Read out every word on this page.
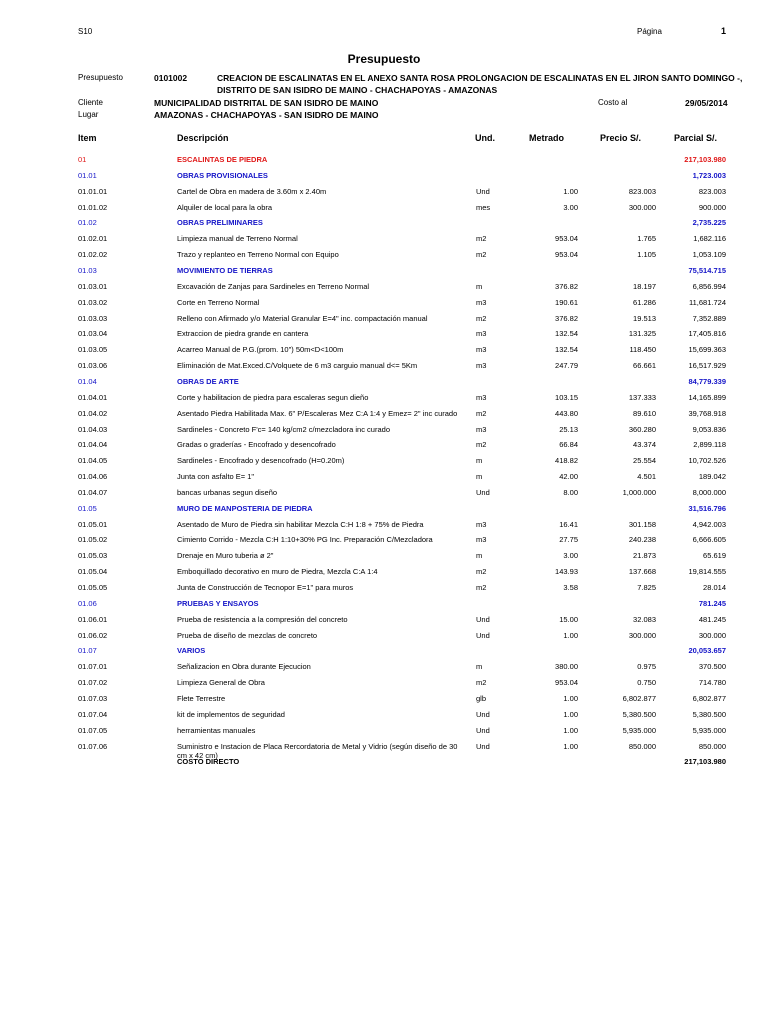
S10	Página	1
Presupuesto
Presupuesto	0101002	CREACION DE ESCALINATAS EN EL ANEXO SANTA ROSA PROLONGACION DE ESCALINATAS EN EL JIRON SANTO DOMINGO -,
DISTRITO DE SAN ISIDRO DE MAINO - CHACHAPOYAS - AMAZONAS
Cliente	MUNICIPALIDAD DISTRITAL DE SAN ISIDRO DE MAINO	Costo al	29/05/2014
Lugar	AMAZONAS - CHACHAPOYAS - SAN ISIDRO DE MAINO
Item	Descripción	Und.	Metrado	Precio S/.	Parcial S/.
01	ESCALINTAS DE PIEDRA	217,103.980
01.01	OBRAS PROVISIONALES	1,723.003
01.01.01	Cartel de Obra en madera de 3.60m x 2.40m	Und	1.00	823.003	823.003
01.01.02	Alquiler de local para la obra	mes	3.00	300.000	900.000
01.02	OBRAS PRELIMINARES	2,735.225
01.02.01	Limpieza manual de Terreno Normal	m2	953.04	1.765	1,682.116
01.02.02	Trazo y replanteo en Terreno Normal con Equipo	m2	953.04	1.105	1,053.109
01.03	MOVIMIENTO DE TIERRAS	75,514.715
01.03.01	Excavación de Zanjas para Sardineles en Terreno Normal	m	376.82	18.197	6,856.994
01.03.02	Corte en Terreno Normal	m3	190.61	61.286	11,681.724
01.03.03	Relleno con Afirmado y/o Material Granular E=4" inc. compactación manual	m2	376.82	19.513	7,352.889
01.03.04	Extraccion de piedra grande en cantera	m3	132.54	131.325	17,405.816
01.03.05	Acarreo Manual de P.G.(prom. 10") 50m<D<100m	m3	132.54	118.450	15,699.363
01.03.06	Eliminación de Mat.Exced.C/Volquete de 6 m3 carguio manual d<= 5Km	m3	247.79	66.661	16,517.929
01.04	OBRAS DE ARTE	84,779.339
01.04.01	Corte y habilitacion de piedra para escaleras segun dieño	m3	103.15	137.333	14,165.899
01.04.02	Asentado Piedra Habilitada Max. 6" P/Escaleras Mez C:A 1:4 y Emez= 2" inc curado	m2	443.80	89.610	39,768.918
01.04.03	Sardineles - Concreto F'c= 140 kg/cm2 c/mezcladora inc curado	m3	25.13	360.280	9,053.836
01.04.04	Gradas o graderías - Encofrado y desencofrado	m2	66.84	43.374	2,899.118
01.04.05	Sardineles - Encofrado y desencofrado (H=0.20m)	m	418.82	25.554	10,702.526
01.04.06	Junta con asfalto E= 1"	m	42.00	4.501	189.042
01.04.07	bancas urbanas segun diseño	Und	8.00	1,000.000	8,000.000
01.05	MURO DE MANPOSTERIA DE PIEDRA	31,516.796
01.05.01	Asentado de Muro de Piedra sin habilitar Mezcla C:H 1:8 + 75% de Piedra	m3	16.41	301.158	4,942.003
01.05.02	Cimiento Corrido - Mezcla C:H 1:10+30% PG Inc. Preparación C/Mezcladora	m3	27.75	240.238	6,666.605
01.05.03	Drenaje en Muro tuberia ø 2"	m	3.00	21.873	65.619
01.05.04	Emboquillado decorativo en muro de Piedra, Mezcla C:A 1:4	m2	143.93	137.668	19,814.555
01.05.05	Junta de Construcción de Tecnopor E=1" para muros	m2	3.58	7.825	28.014
01.06	PRUEBAS Y ENSAYOS	781.245
01.06.01	Prueba de resistencia a la compresión del concreto	Und	15.00	32.083	481.245
01.06.02	Prueba de diseño de mezclas de concreto	Und	1.00	300.000	300.000
01.07	VARIOS	20,053.657
01.07.01	Señalizacion en Obra durante Ejecucion	m	380.00	0.975	370.500
01.07.02	Limpieza General de Obra	m2	953.04	0.750	714.780
01.07.03	Flete Terrestre	glb	1.00	6,802.877	6,802.877
01.07.04	kit de implementos de seguridad	Und	1.00	5,380.500	5,380.500
01.07.05	herramientas manuales	Und	1.00	5,935.000	5,935.000
01.07.06	Suministro e Instacion de Placa Rercordatoria de Metal y Vidrio (según diseño de 30 cm x 42 cm)
Und	1.00	850.000	850.000
COSTO DIRECTO	217,103.980
